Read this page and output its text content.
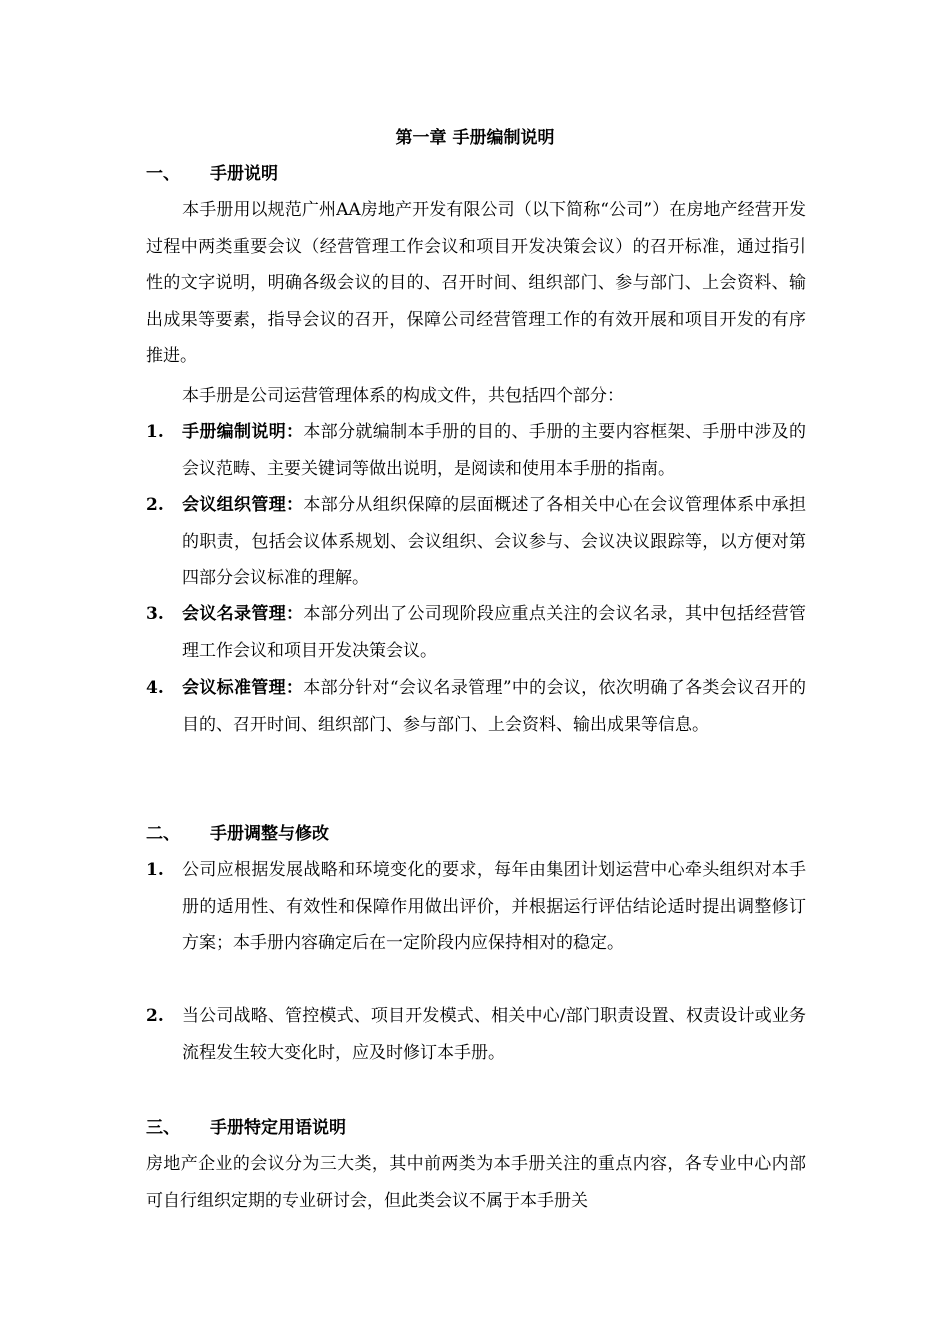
第一章 手册编制说明
一、 手册说明

本手册用以规范广州AA房地产开发有限公司（以下简称“公司”）在房地产经营开发过程中两类重要会议（经营管理工作会议和项目开发决策会议）的召开标准，通过指引性的文字说明，明确各级会议的目的、召开时间、组织部门、参与部门、上会资料、输出成果等要素，指导会议的召开，保障公司经营管理工作的有效开展和项目开发的有序推进。

本手册是公司运营管理体系的构成文件，共包括四个部分：

1.	手册编制说明：本部分就编制本手册的目的、手册的主要内容框架、手册中涉及的会议范畴、主要关键词等做出说明，是阅读和使用本手册的指南。
2.	会议组织管理：本部分从组织保障的层面概述了各相关中心在会议管理体系中承担的职责，包括会议体系规划、会议组织、会议参与、会议决议跟踪等，以方便对第四部分会议标准的理解。
3.	会议名录管理：本部分列出了公司现阶段应重点关注的会议名录，其中包括经营管理工作会议和项目开发决策会议。
4.	会议标准管理：本部分针对“会议名录管理”中的会议，依次明确了各类会议召开的目的、召开时间、组织部门、参与部门、上会资料、输出成果等信息。
二、 手册调整与修改
1.	公司应根据发展战略和环境变化的要求，每年由集团计划运营中心牵头组织对本手册的适用性、有效性和保障作用做出评价，并根据运行评估结论适时提出调整修订方案；本手册内容确定后在一定阶段内应保持相对的稳定。
2.	当公司战略、管控模式、项目开发模式、相关中心/部门职责设置、权责设计或业务流程发生较大变化时，应及时修订本手册。
三、 手册特定用语说明

房地产企业的会议分为三大类，其中前两类为本手册关注的重点内容，各专业中心内部可自行组织定期的专业研讨会，但此类会议不属于本手册关
